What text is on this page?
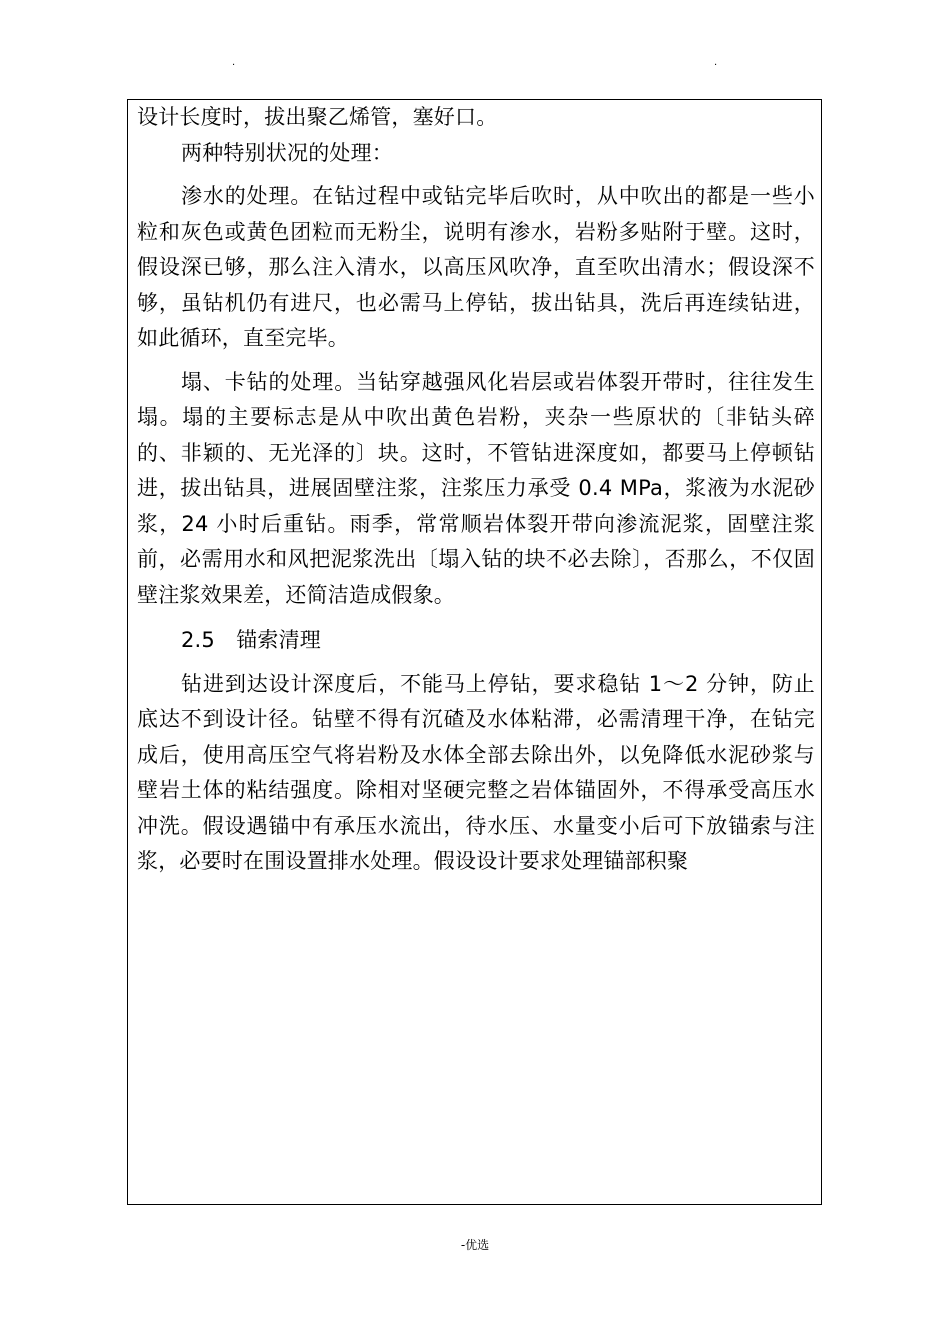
.	.

设计长度时，拔出聚乙烯管，塞好口。

两种特别状况的处理：

渗水的处理。在钻过程中或钻完毕后吹时，从中吹出的都是一些小粒和灰色或黄色团粒而无粉尘，说明有渗水，岩粉多贴附于壁。这时，假设深已够，那么注入清水，以高压风吹净，直至吹出清水；假设深不够，虽钻机仍有进尺，也必需马上停钻，拔出钻具，洗后再连续钻进，如此循环，直至完毕。

塌、卡钻的处理。当钻穿越强风化岩层或岩体裂开带时，往往发生塌。塌的主要标志是从中吹出黄色岩粉，夹杂一些原状的〔非钻头碎的、非颖的、无光泽的〕块。这时，不管钻进深度如，都要马上停顿钻进，拔出钻具，进展固壁注浆，注浆压力承受 0.4 MPa，浆液为水泥砂浆，24 小时后重钻。雨季，常常顺岩体裂开带向渗流泥浆，固壁注浆前，必需用水和风把泥浆洗出〔塌入钻的块不必去除〕，否那么，不仅固壁注浆效果差，还简洁造成假象。

2.5　锚索清理

钻进到达设计深度后，不能马上停钻，要求稳钻 1～2 分钟，防止底达不到设计径。钻壁不得有沉碴及水体粘滞，必需清理干净，在钻完成后，使用高压空气将岩粉及水体全部去除出外，以免降低水泥砂浆与壁岩土体的粘结强度。除相对坚硬完整之岩体锚固外，不得承受高压水冲洗。假设遇锚中有承压水流出，待水压、水量变小后可下放锚索与注浆，必要时在围设置排水处理。假设设计要求处理锚部积聚

-优选
